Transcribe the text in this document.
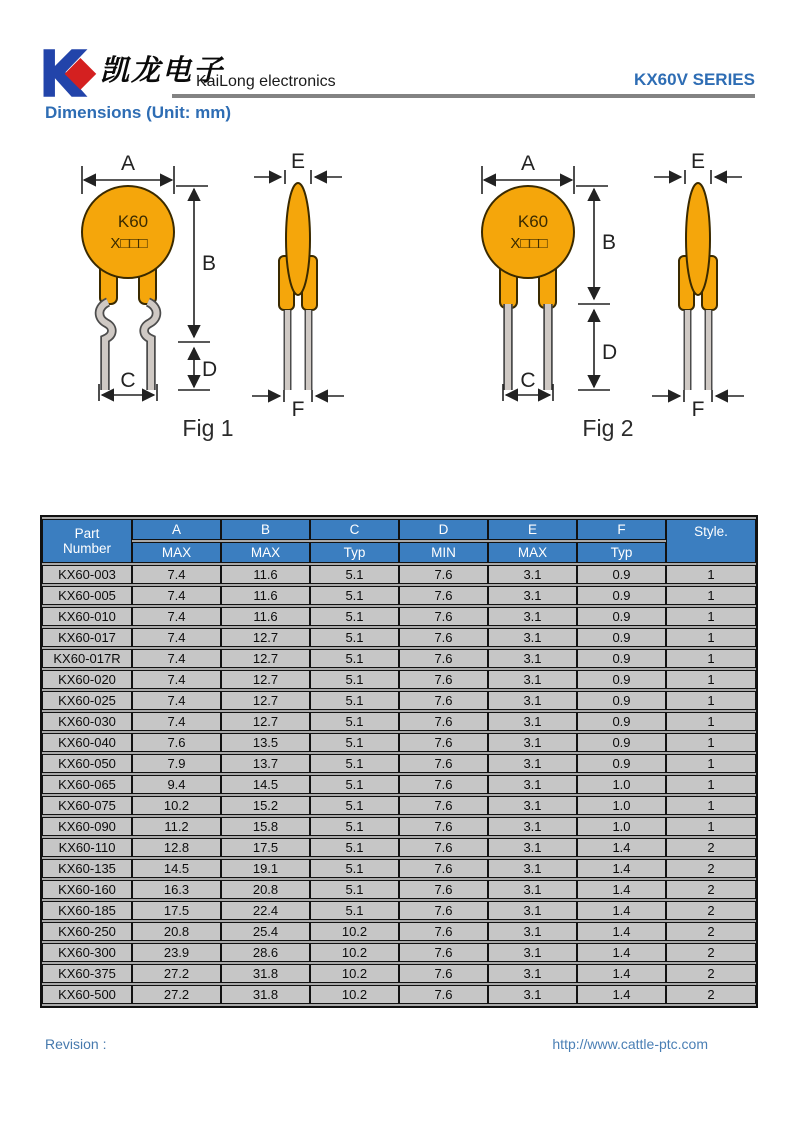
凯龙电子
KaiLong electronics	KX60V SERIES
Dimensions (Unit: mm)
A
K60
X□□□
B
D
C
E
F
Fig 1
A
K60
X□□□	B
D
C
E
F
Fig 2
Part
Number	A	B	C	D	E	F	Style.
	MAX	MAX	Typ	MIN	MAX	Typ	
KX60-003	7.4	11.6	5.1	7.6	3.1	0.9	1
KX60-005	7.4	11.6	5.1	7.6	3.1	0.9	1
KX60-010	7.4	11.6	5.1	7.6	3.1	0.9	1
KX60-017	7.4	12.7	5.1	7.6	3.1	0.9	1
KX60-017R	7.4	12.7	5.1	7.6	3.1	0.9	1
KX60-020	7.4	12.7	5.1	7.6	3.1	0.9	1
KX60-025	7.4	12.7	5.1	7.6	3.1	0.9	1
KX60-030	7.4	12.7	5.1	7.6	3.1	0.9	1
KX60-040	7.6	13.5	5.1	7.6	3.1	0.9	1
KX60-050	7.9	13.7	5.1	7.6	3.1	0.9	1
KX60-065	9.4	14.5	5.1	7.6	3.1	1.0	1
KX60-075	10.2	15.2	5.1	7.6	3.1	1.0	1
KX60-090	11.2	15.8	5.1	7.6	3.1	1.0	1
KX60-110	12.8	17.5	5.1	7.6	3.1	1.4	2
KX60-135	14.5	19.1	5.1	7.6	3.1	1.4	2
KX60-160	16.3	20.8	5.1	7.6	3.1	1.4	2
KX60-185	17.5	22.4	5.1	7.6	3.1	1.4	2
KX60-250	20.8	25.4	10.2	7.6	3.1	1.4	2
KX60-300	23.9	28.6	10.2	7.6	3.1	1.4	2
KX60-375	27.2	31.8	10.2	7.6	3.1	1.4	2
KX60-500	27.2	31.8	10.2	7.6	3.1	1.4	2
Revision :	http://www.cattle-ptc.com
